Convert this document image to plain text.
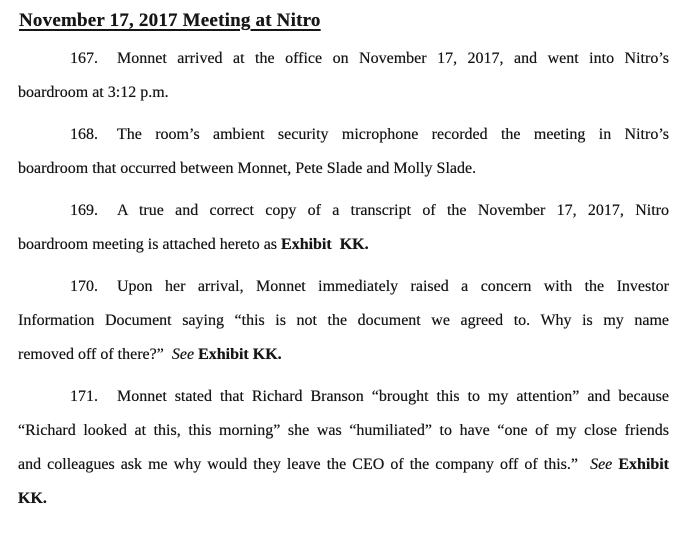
November 17, 2017 Meeting at Nitro
167. Monnet arrived at the office on November 17, 2017, and went into Nitro’s
boardroom at 3:12 p.m.
168. The room’s ambient security microphone recorded the meeting in Nitro’s
boardroom that occurred between Monnet, Pete Slade and Molly Slade.
169. A true and correct copy of a transcript of the November 17, 2017, Nitro
boardroom meeting is attached hereto as Exhibit  KK.
170. Upon her arrival, Monnet immediately raised a concern with the Investor
Information Document saying “this is not the document we agreed to. Why is my name
removed off of there?”  See Exhibit KK.
171. Monnet stated that Richard Branson “brought this to my attention” and because
“Richard looked at this, this morning” she was “humiliated” to have “one of my close friends
and colleagues ask me why would they leave the CEO of the company off of this.”  See Exhibit
KK.
